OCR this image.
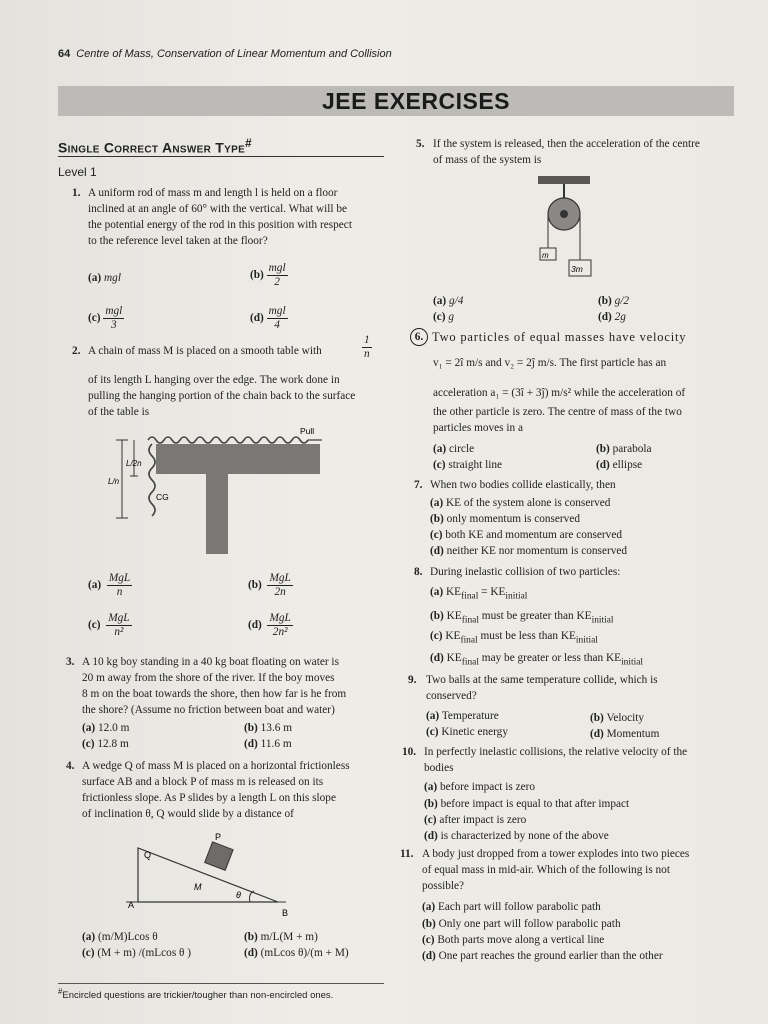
64 Centre of Mass, Conservation of Linear Momentum and Collision
JEE EXERCISES
Single Correct Answer Type#
Level 1
1. A uniform rod of mass m and length l is held on a floor
inclined at an angle of 60° with the vertical. What will be
the potential energy of the rod in this position with respect
to the reference level taken at the floor?
(a) mgl	$(b) \frac{\text{mgl}}{2}$
$(c) \frac{\text{mgl}}{3}$	$(d) \frac{\text{mgl}}{4}$
2. A chain of mass M is placed on a smooth table with	$\frac{1}{n}$
of its length L hanging over the edge. The work done in
pulling the hanging portion of the chain back to the surface
of the table is
Pull
L/2n
L/n
CG
$(a) \frac{\text{MgL}}{n}$	$(b) \frac{\text{MgL}}{2n}$
$(c) \frac{\text{MgL}}{\text{n²}}$	$(d) \frac{\text{MgL}}{\text{2n²}}$
3. A 10 kg boy standing in a 40 kg boat floating on water is
20 m away from the shore of the river. If the boy moves
8 m on the boat towards the shore, then how far is he from
the shore? (Assume no friction between boat and water)
(a) 12.0 m	(b) 13.6 m
(c) 12.8 m	(d) 11.6 m
4. A wedge Q of mass M is placed on a horizontal frictionless
surface AB and a block P of mass m is released on its
frictionless slope. As P slides by a length L on this slope
of inclination θ, Q would slide by a distance of
P
Q
M
θ
A
B
(a) (m/M)Lcos θ	(b) m/L(M + m)
(c) (M + m) /(mLcos θ )	(d) (mLcos θ)/(m + M)
#Encircled questions are trickier/tougher than non-encircled ones.
5. If the system is released, then the acceleration of the centre
of mass of the system is
m
3m
(a) g/4	(b) g/2
(c) g	(d) 2g
6. Two particles of equal masses have velocity
v₁ = 2î m/s and v₂ = 2ĵ m/s. The first particle has an
acceleration a₁ = (3î + 3ĵ) m/s² while the acceleration of
the other particle is zero. The centre of mass of the two
particles moves in a
(a) circle	(b) parabola
(c) straight line	(d) ellipse
7. When two bodies collide elastically, then
(a) KE of the system alone is conserved
(b) only momentum is conserved
(c) both KE and momentum are conserved
(d) neither KE nor momentum is conserved
8. During inelastic collision of two particles:
(a) $KE_{final} = KE_{initial}$
(b) $KE_{final}$ must be greater than $KE_{initial}$
(c) $KE_{final}$ must be less than $KE_{initial}$
(d) $KE_{final}$ may be greater or less than $KE_{initial}$
9. Two balls at the same temperature collide, which is
conserved?
(a) Temperature	(b) Velocity
(c) Kinetic energy	(d) Momentum
10. In perfectly inelastic collisions, the relative velocity of the
bodies
(a) before impact is zero
(b) before impact is equal to that after impact
(c) after impact is zero
(d) is characterized by none of the above
11. A body just dropped from a tower explodes into two pieces
of equal mass in mid-air. Which of the following is not
possible?
(a) Each part will follow parabolic path
(b) Only one part will follow parabolic path
(c) Both parts move along a vertical line
(d) One part reaches the ground earlier than the other
